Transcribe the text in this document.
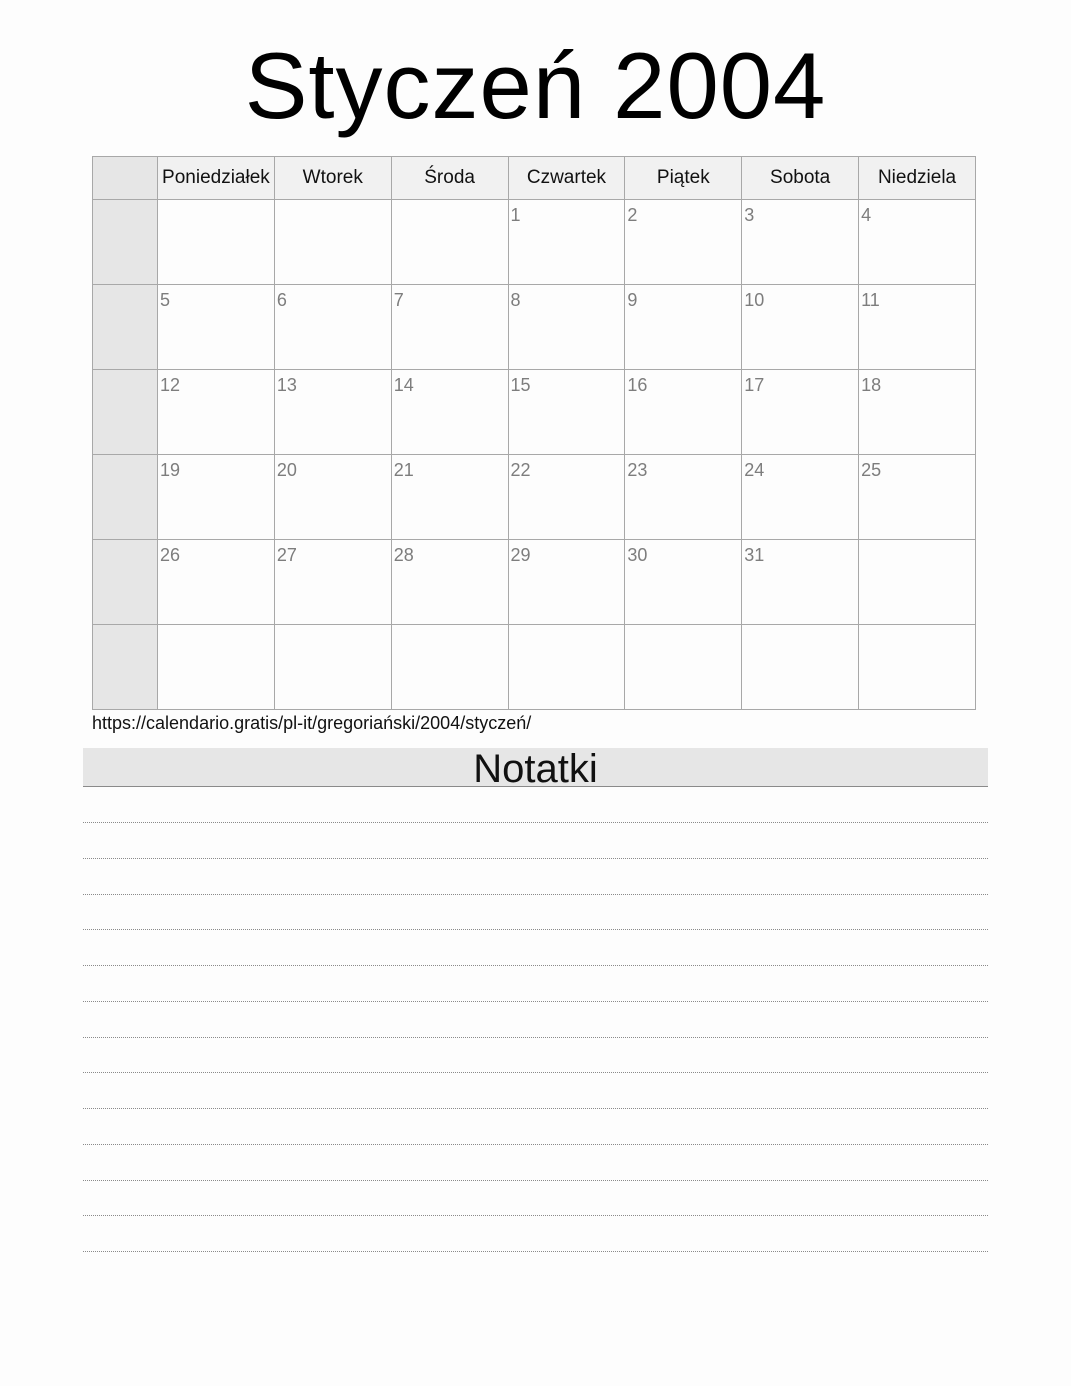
Styczeń 2004
	Poniedziałek	Wtorek	Środa	Czwartek	Piątek	Sobota	Niedziela

				1	2	3	4

	5	6	7	8	9	10	11

	12	13	14	15	16	17	18

	19	20	21	22	23	24	25

	26	27	28	29	30	31	

https://calendario.gratis/pl-it/gregoriański/2004/styczeń/
Notatki
